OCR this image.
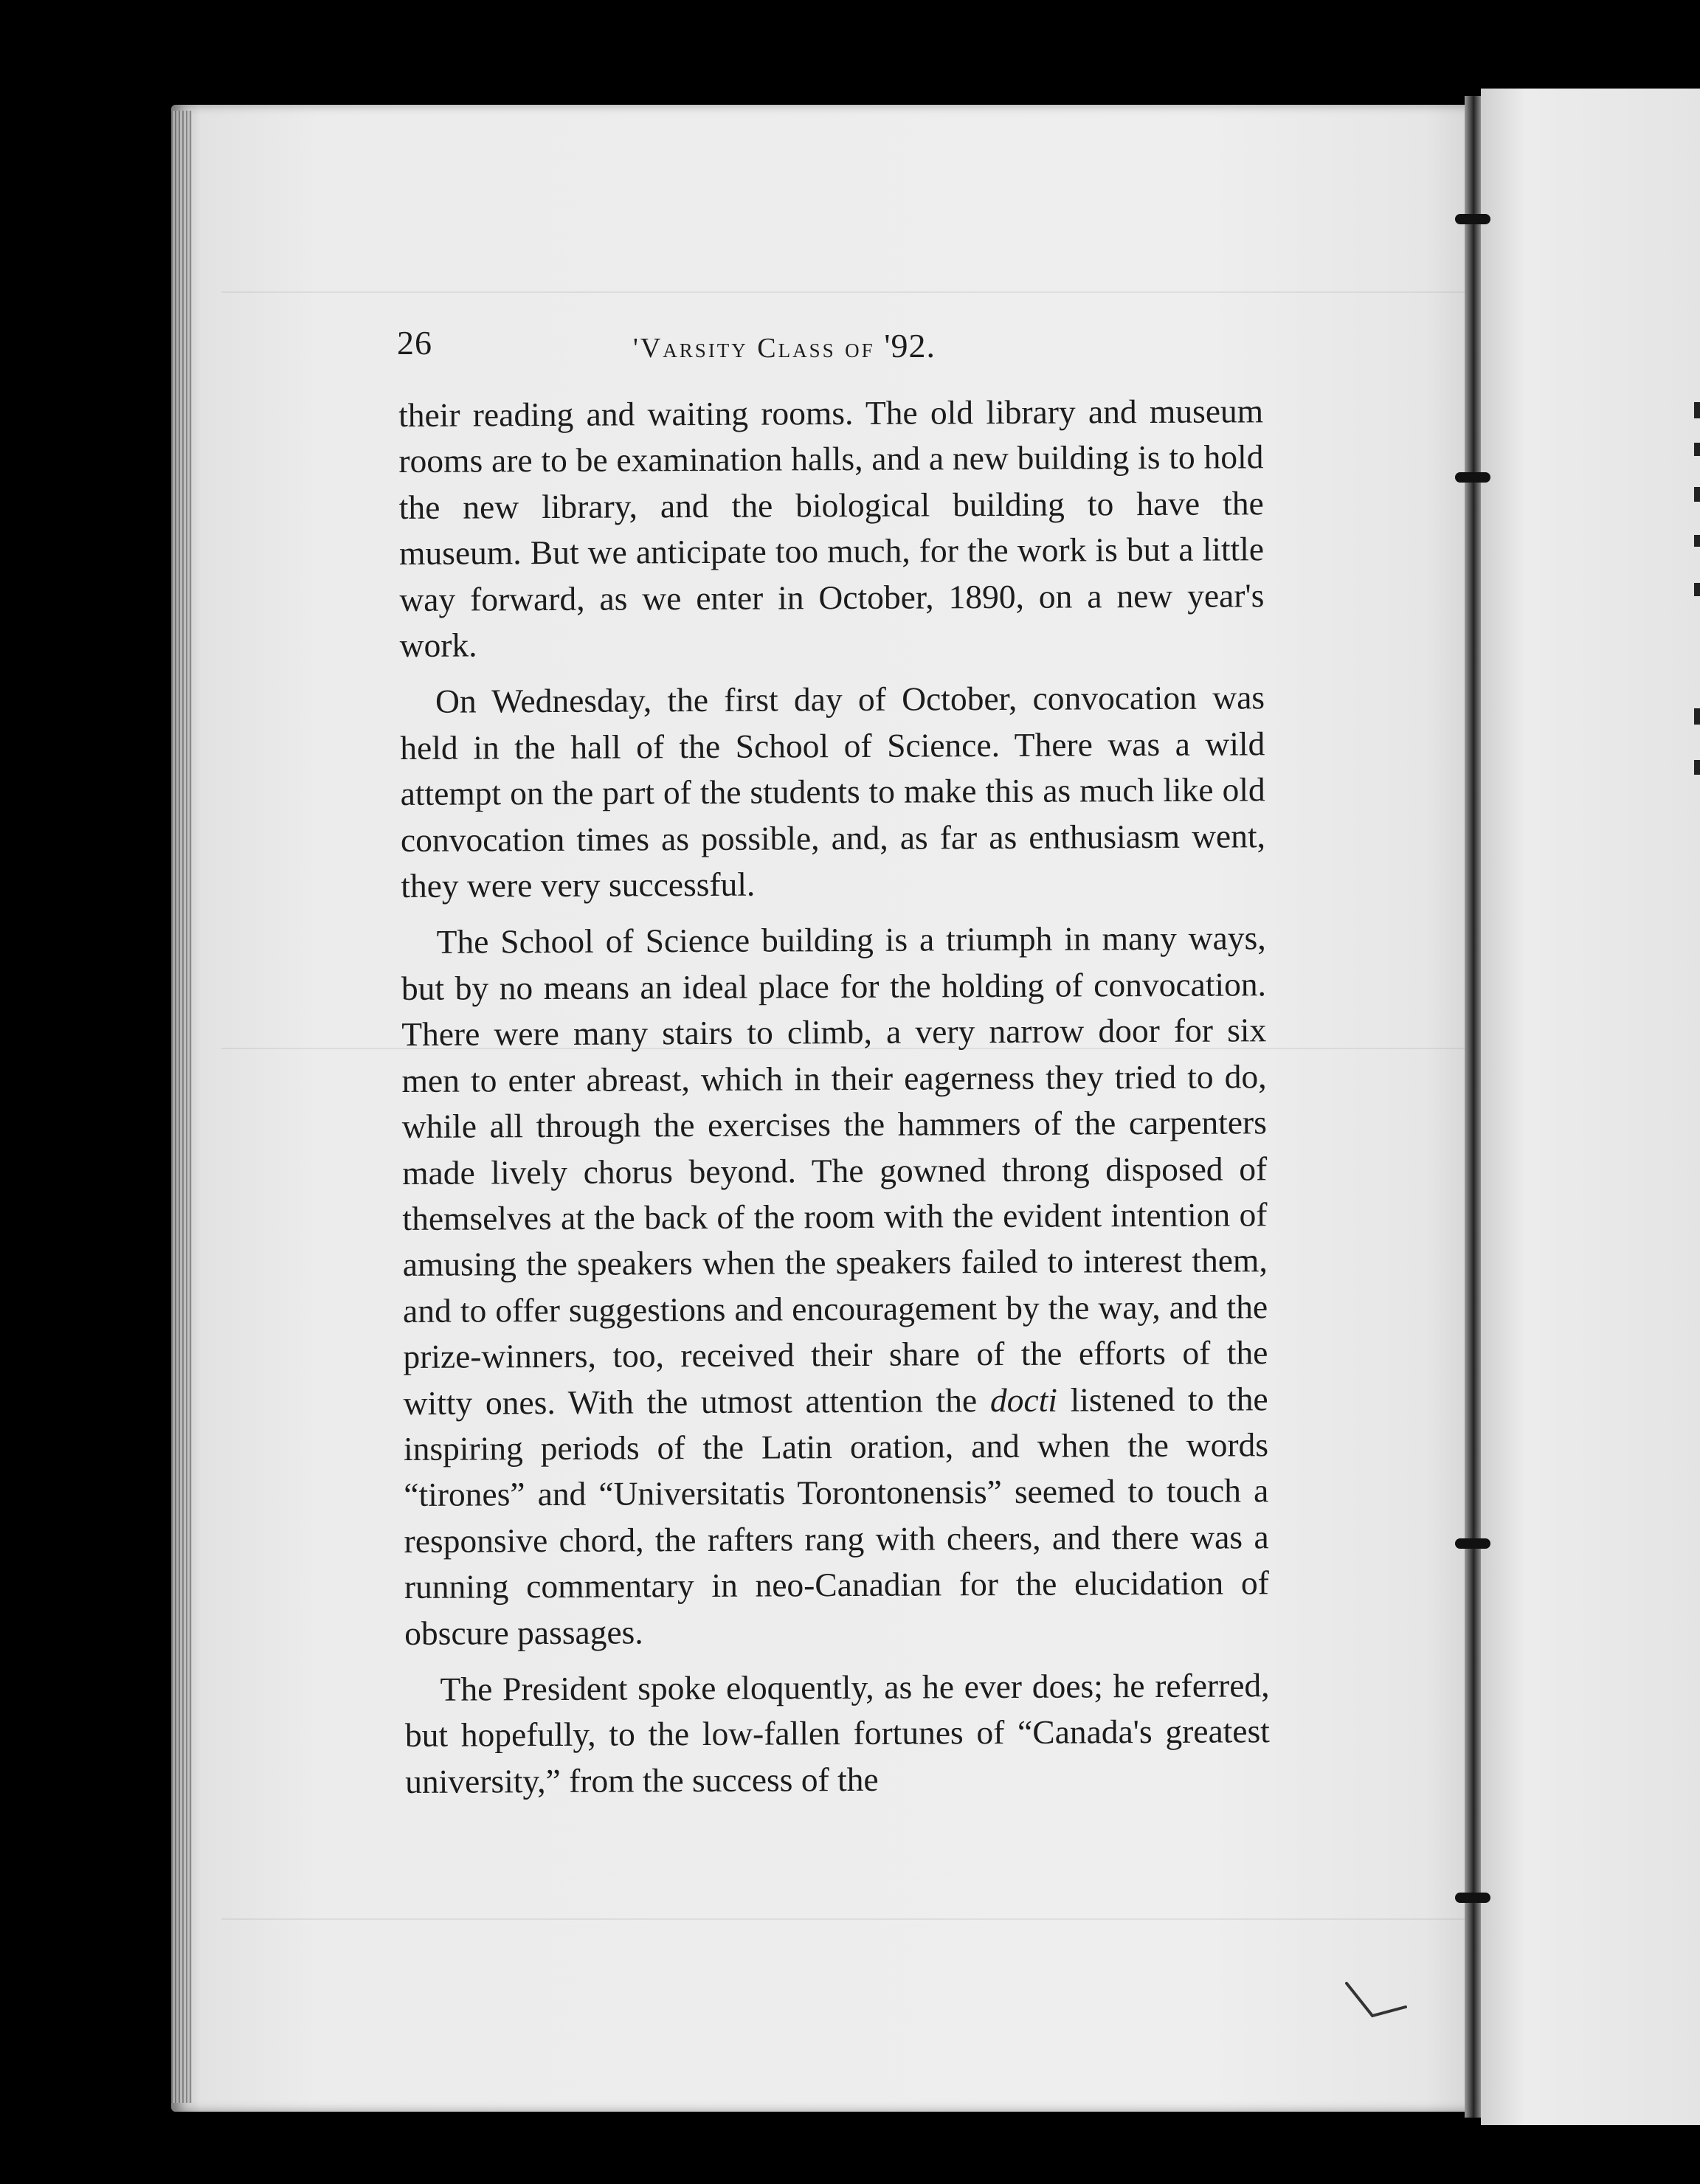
26	'Varsity Class of '92.

their reading and waiting rooms. The old library and museum rooms are to be examination halls, and a new building is to hold the new library, and the biological building to have the museum. But we anticipate too much, for the work is but a little way forward, as we enter in October, 1890, on a new year's work.

On Wednesday, the first day of October, convocation was held in the hall of the School of Science. There was a wild attempt on the part of the students to make this as much like old convocation times as possible, and, as far as enthusiasm went, they were very successful.

The School of Science building is a triumph in many ways, but by no means an ideal place for the holding of convocation. There were many stairs to climb, a very narrow door for six men to enter abreast, which in their eagerness they tried to do, while all through the exercises the hammers of the carpenters made lively chorus beyond. The gowned throng disposed of themselves at the back of the room with the evident intention of amusing the speakers when the speakers failed to interest them, and to offer suggestions and encouragement by the way, and the prize-winners, too, received their share of the efforts of the witty ones. With the utmost attention the docti listened to the inspiring periods of the Latin oration, and when the words “tirones” and “Universitatis Torontonensis” seemed to touch a responsive chord, the rafters rang with cheers, and there was a running commentary in neo-Canadian for the elucidation of obscure passages.

The President spoke eloquently, as he ever does; he referred, but hopefully, to the low-fallen fortunes of “Canada's greatest university,” from the success of the
